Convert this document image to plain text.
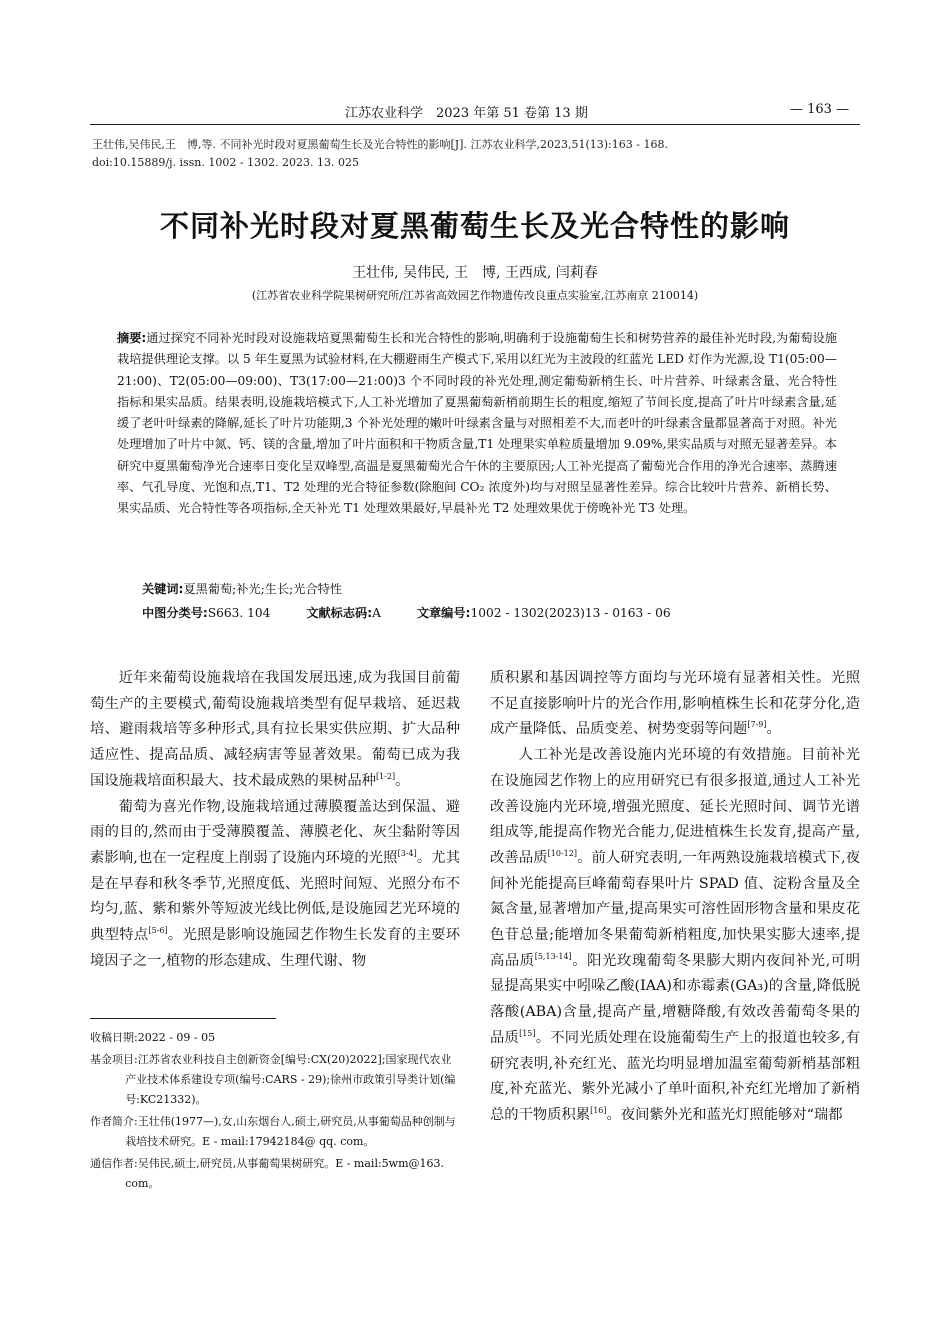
江苏农业科学　2023 年第 51 卷第 13 期	— 163 —
王壮伟,吴伟民,王　博,等. 不同补光时段对夏黑葡萄生长及光合特性的影响[J]. 江苏农业科学,2023,51(13):163 - 168.
doi:10.15889/j. issn. 1002 - 1302. 2023. 13. 025
不同补光时段对夏黑葡萄生长及光合特性的影响
王壮伟, 吴伟民, 王　博, 王西成, 闫莉春
(江苏省农业科学院果树研究所/江苏省高效园艺作物遗传改良重点实验室,江苏南京 210014)
摘要:通过探究不同补光时段对设施栽培夏黑葡萄生长和光合特性的影响,明确利于设施葡萄生长和树势营养的最佳补光时段,为葡萄设施栽培提供理论支撑。以 5 年生夏黑为试验材料,在大棚避雨生产模式下,采用以红光为主波段的红蓝光 LED 灯作为光源,设 T1(05:00—21:00)、T2(05:00—09:00)、T3(17:00—21:00)3 个不同时段的补光处理,测定葡萄新梢生长、叶片营养、叶绿素含量、光合特性指标和果实品质。结果表明,设施栽培模式下,人工补光增加了夏黑葡萄新梢前期生长的粗度,缩短了节间长度,提高了叶片叶绿素含量,延缓了老叶叶绿素的降解,延长了叶片功能期,3 个补光处理的嫩叶叶绿素含量与对照相差不大,而老叶的叶绿素含量都显著高于对照。补光处理增加了叶片中氮、钙、镁的含量,增加了叶片面积和干物质含量,T1 处理果实单粒质量增加 9.09%,果实品质与对照无显著差异。本研究中夏黑葡萄净光合速率日变化呈双峰型,高温是夏黑葡萄光合午休的主要原因;人工补光提高了葡萄光合作用的净光合速率、蒸腾速率、气孔导度、光饱和点,T1、T2 处理的光合特征参数(除胞间 CO₂ 浓度外)均与对照呈显著性差异。综合比较叶片营养、新梢长势、果实品质、光合特性等各项指标,全天补光 T1 处理效果最好,早晨补光 T2 处理效果优于傍晚补光 T3 处理。
关键词:夏黑葡萄;补光;生长;光合特性
中图分类号:S663. 104	文献标志码:A	文章编号:1002 - 1302(2023)13 - 0163 - 06

近年来葡萄设施栽培在我国发展迅速,成为我国目前葡萄生产的主要模式,葡萄设施栽培类型有促早栽培、延迟栽培、避雨栽培等多种形式,具有拉长果实供应期、扩大品种适应性、提高品质、减轻病害等显著效果。葡萄已成为我国设施栽培面积最大、技术最成熟的果树品种[1-2]。

葡萄为喜光作物,设施栽培通过薄膜覆盖达到保温、避雨的目的,然而由于受薄膜覆盖、薄膜老化、灰尘黏附等因素影响,也在一定程度上削弱了设施内环境的光照[3-4]。尤其是在早春和秋冬季节,光照度低、光照时间短、光照分布不均匀,蓝、紫和紫外等短波光线比例低,是设施园艺光环境的典型特点[5-6]。光照是影响设施园艺作物生长发育的主要环境因子之一,植物的形态建成、生理代谢、物

收稿日期:2022 - 09 - 05
基金项目:江苏省农业科技自主创新资金[编号:CX(20)2022];国家现代农业产业技术体系建设专项(编号:CARS - 29);徐州市政策引导类计划(编号:KC21332)。
作者简介:王壮伟(1977—),女,山东烟台人,硕士,研究员,从事葡萄品种创制与栽培技术研究。E - mail:17942184@ qq. com。
通信作者:吴伟民,硕士,研究员,从事葡萄果树研究。E - mail:5wm@163. com。

质积累和基因调控等方面均与光环境有显著相关性。光照不足直接影响叶片的光合作用,影响植株生长和花芽分化,造成产量降低、品质变差、树势变弱等问题[7-9]。

人工补光是改善设施内光环境的有效措施。目前补光在设施园艺作物上的应用研究已有很多报道,通过人工补光改善设施内光环境,增强光照度、延长光照时间、调节光谱组成等,能提高作物光合能力,促进植株生长发育,提高产量,改善品质[10-12]。前人研究表明,一年两熟设施栽培模式下,夜间补光能提高巨峰葡萄春果叶片 SPAD 值、淀粉含量及全氮含量,显著增加产量,提高果实可溶性固形物含量和果皮花色苷总量;能增加冬果葡萄新梢粗度,加快果实膨大速率,提高品质[5,13-14]。阳光玫瑰葡萄冬果膨大期内夜间补光,可明显提高果实中吲哚乙酸(IAA)和赤霉素(GA₃)的含量,降低脱落酸(ABA)含量,提高产量,增糖降酸,有效改善葡萄冬果的品质[15]。不同光质处理在设施葡萄生产上的报道也较多,有研究表明,补充红光、蓝光均明显增加温室葡萄新梢基部粗度,补充蓝光、紫外光减小了单叶面积,补充红光增加了新梢总的干物质积累[16]。夜间紫外光和蓝光灯照能够对“瑞都
